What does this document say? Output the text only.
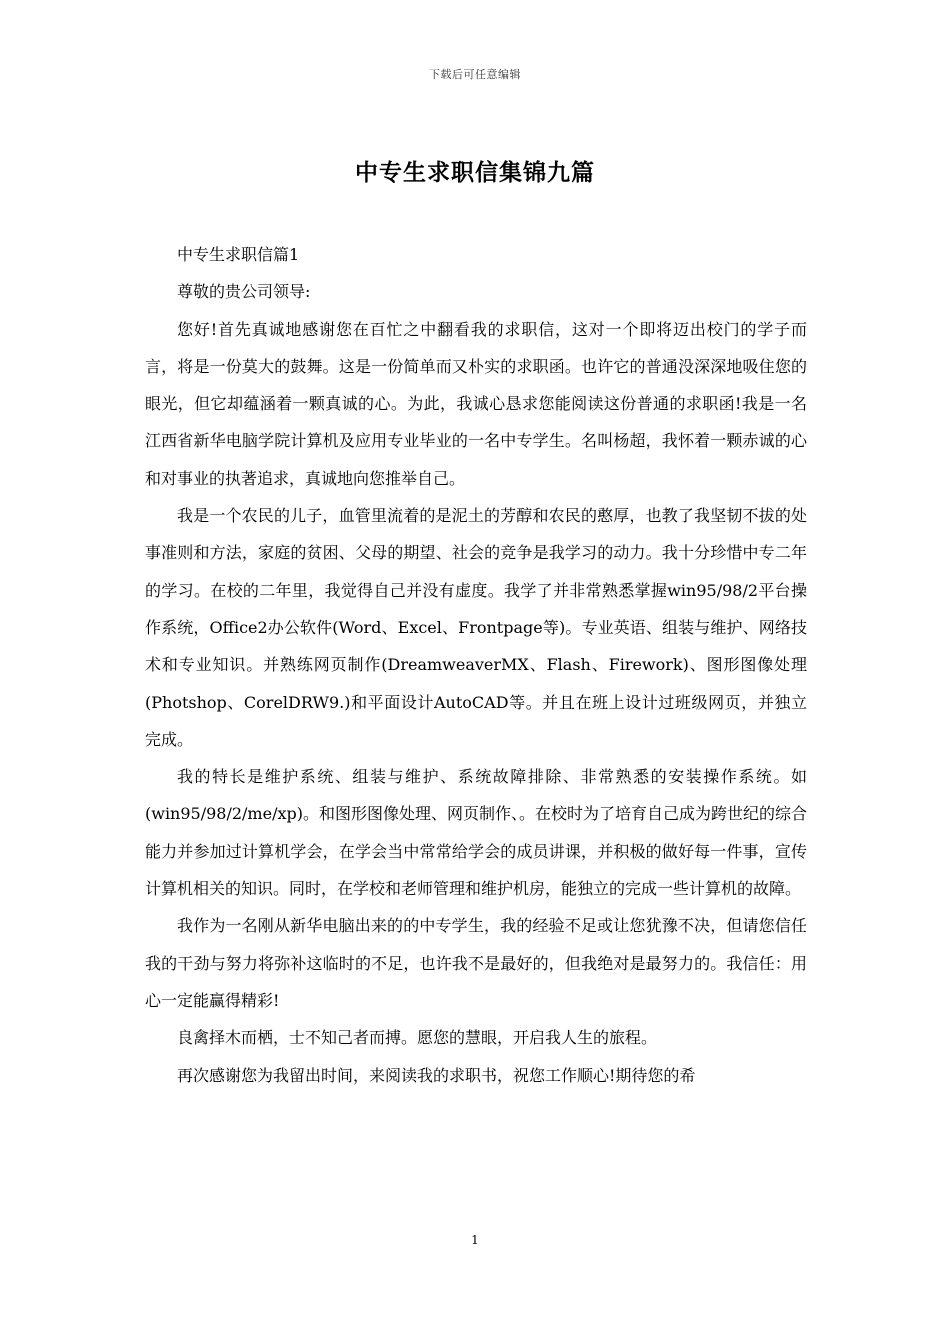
下载后可任意编辑
中专生求职信集锦九篇

中专生求职信篇1

尊敬的贵公司领导:

您好!首先真诚地感谢您在百忙之中翻看我的求职信，这对一个即将迈出校门的学子而言，将是一份莫大的鼓舞。这是一份简单而又朴实的求职函。也许它的普通没深深地吸住您的眼光，但它却蕴涵着一颗真诚的心。为此，我诚心恳求您能阅读这份普通的求职函!我是一名江西省新华电脑学院计算机及应用专业毕业的一名中专学生。名叫杨超，我怀着一颗赤诚的心和对事业的执著追求，真诚地向您推举自己。

我是一个农民的儿子，血管里流着的是泥土的芳醇和农民的憨厚，也教了我坚韧不拔的处事准则和方法，家庭的贫困、父母的期望、社会的竞争是我学习的动力。我十分珍惜中专二年的学习。在校的二年里，我觉得自己并没有虚度。我学了并非常熟悉掌握win95/98/2平台操作系统，Office2办公软件(Word、Excel、Frontpage等)。专业英语、组装与维护、网络技术和专业知识。并熟练网页制作(DreamweaverMX、Flash、Firework)、图形图像处理(Photshop、CorelDRW9.)和平面设计AutoCAD等。并且在班上设计过班级网页，并独立完成。

我的特长是维护系统、组装与维护、系统故障排除、非常熟悉的安装操作系统。如(win95/98/2/me/xp)。和图形图像处理、网页制作、。在校时为了培育自己成为跨世纪的综合能力并参加过计算机学会，在学会当中常常给学会的成员讲课，并积极的做好每一件事，宣传计算机相关的知识。同时，在学校和老师管理和维护机房，能独立的完成一些计算机的故障。

我作为一名刚从新华电脑出来的的中专学生，我的经验不足或让您犹豫不决，但请您信任我的干劲与努力将弥补这临时的不足，也许我不是最好的，但我绝对是最努力的。我信任：用心一定能赢得精彩!

良禽择木而栖，士不知己者而搏。愿您的慧眼，开启我人生的旅程。

再次感谢您为我留出时间，来阅读我的求职书，祝您工作顺心!期待您的希

1
